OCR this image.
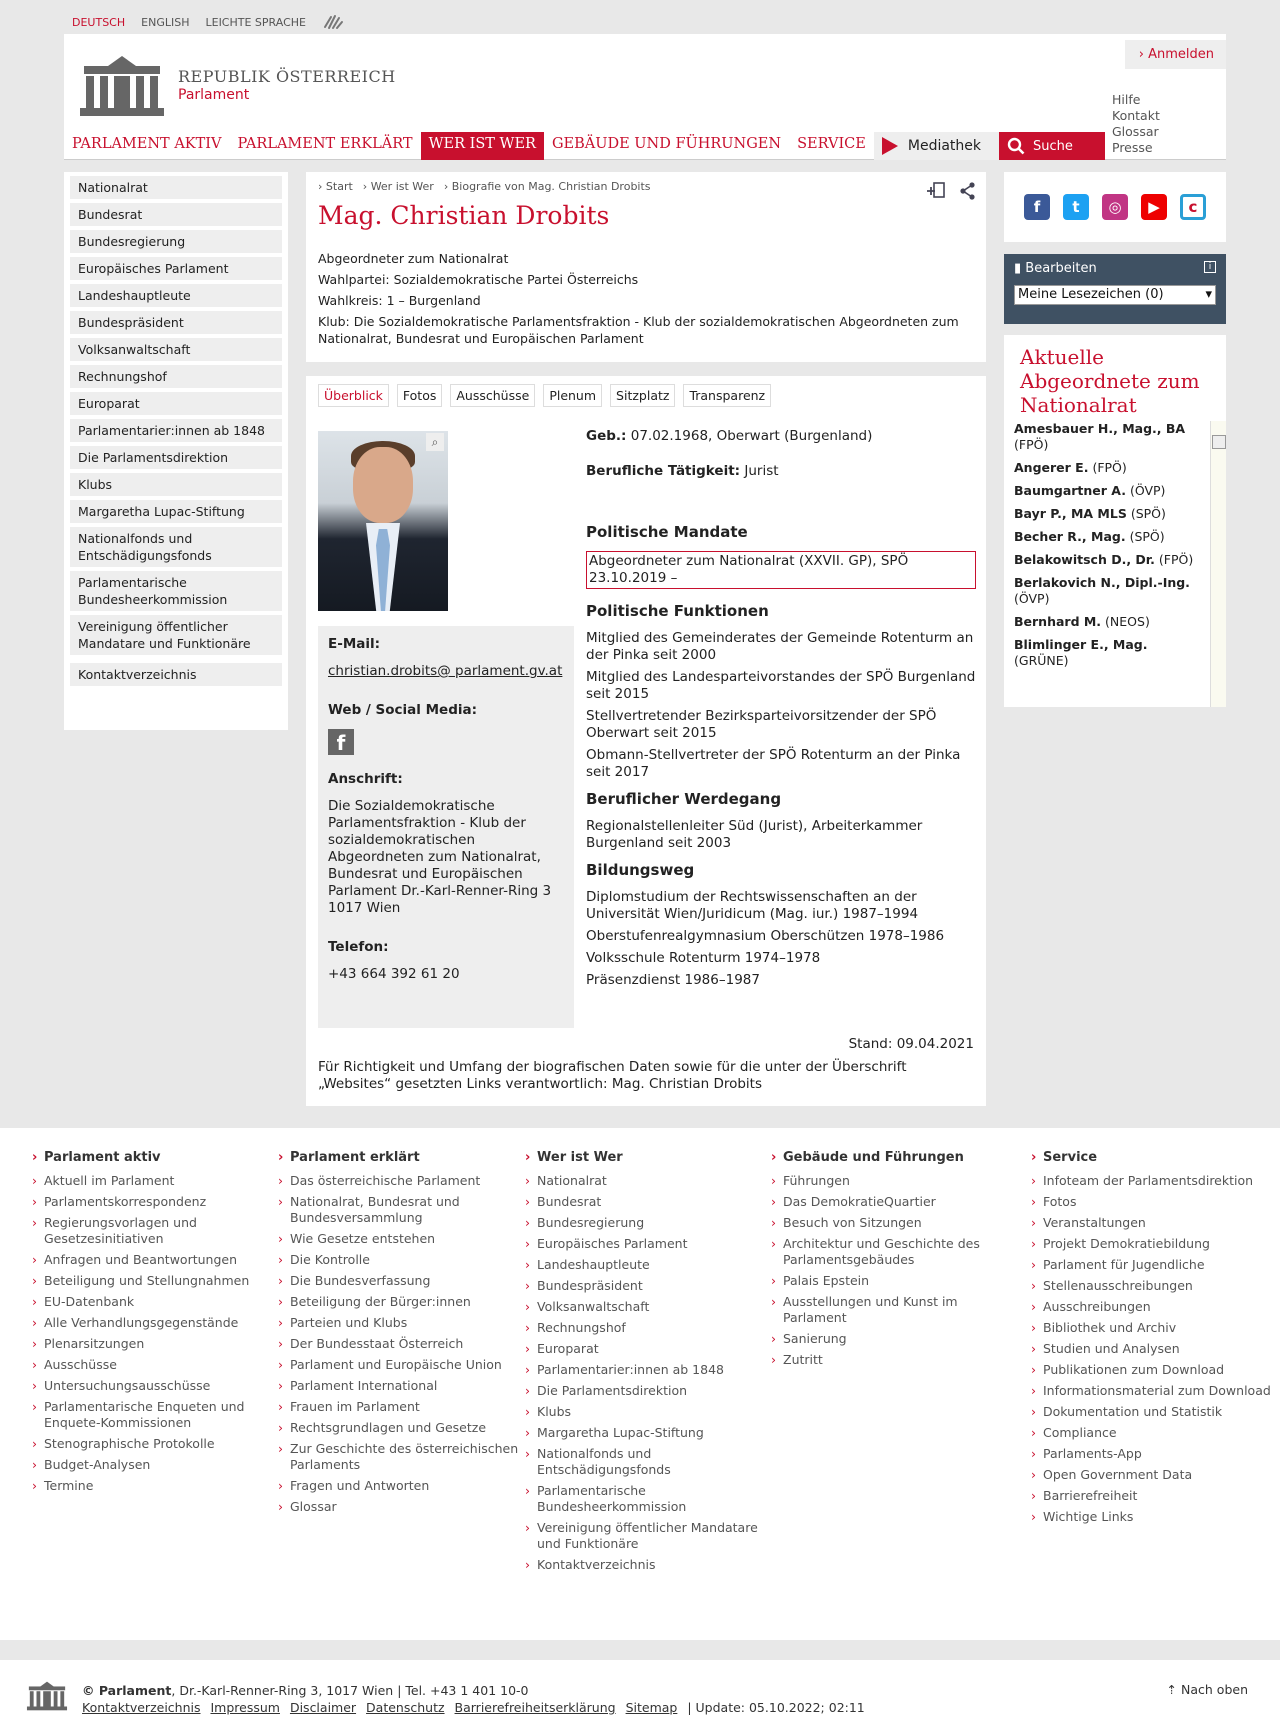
DEUTSCH ENGLISH LEICHTE SPRACHE
REPUBLIK ÖSTERREICH
Parlament
› Anmelden
Hilfe
Kontakt
Glossar
Presse
PARLAMENT AKTIV	PARLAMENT ERKLÄRT	WER IST WER	GEBÄUDE UND FÜHRUNGEN	SERVICE	Mediathek	Suche
Nationalrat
Bundesrat
Bundesregierung
Europäisches Parlament
Landeshauptleute
Bundespräsident
Volksanwaltschaft
Rechnungshof
Europarat
Parlamentarier:innen ab 1848
Die Parlamentsdirektion
Klubs
Margaretha Lupac-Stiftung
Nationalfonds und Entschädigungsfonds
Parlamentarische Bundesheerkommission
Vereinigung öffentlicher Mandatare und Funktionäre
Kontaktverzeichnis
› Start	› Wer ist Wer	› Biografie von Mag. Christian Drobits
Mag. Christian Drobits
Abgeordneter zum Nationalrat
Wahlpartei: Sozialdemokratische Partei Österreichs
Wahlkreis: 1 – Burgenland
Klub: Die Sozialdemokratische Parlamentsfraktion - Klub der sozialdemokratischen Abgeordneten zum Nationalrat, Bundesrat und Europäischen Parlament
Überblick	Fotos	Ausschüsse	Plenum	Sitzplatz	Transparenz
⌕
E-Mail:
christian.drobits@ parlament.gv.at
Web / Social Media:
f
Anschrift:
Die Sozialdemokratische Parlamentsfraktion - Klub der sozialdemokratischen Abgeordneten zum Nationalrat, Bundesrat und Europäischen Parlament Dr.-Karl-Renner-Ring 3 1017 Wien
Telefon:
+43 664 392 61 20
Geb.: 07.02.1968, Oberwart (Burgenland)
Berufliche Tätigkeit: Jurist
Politische Mandate
Abgeordneter zum Nationalrat (XXVII. GP), SPÖ 23.10.2019 –
Politische Funktionen
Mitglied des Gemeinderates der Gemeinde Rotenturm an der Pinka seit 2000
Mitglied des Landesparteivorstandes der SPÖ Burgenland seit 2015
Stellvertretender Bezirksparteivorsitzender der SPÖ Oberwart seit 2015
Obmann-Stellvertreter der SPÖ Rotenturm an der Pinka seit 2017
Beruflicher Werdegang
Regionalstellenleiter Süd (Jurist), Arbeiterkammer Burgenland seit 2003
Bildungsweg
Diplomstudium der Rechtswissenschaften an der Universität Wien/Juridicum (Mag. iur.) 1987–1994
Oberstufenrealgymnasium Oberschützen 1978–1986
Volksschule Rotenturm 1974–1978
Präsenzdienst 1986–1987
Stand: 09.04.2021
Für Richtigkeit und Umfang der biografischen Daten sowie für die unter der Überschrift „Websites“ gesetzten Links verantwortlich: Mag. Christian Drobits
f	t	◎	▶	c
▮ Bearbeiten	i
Meine Lesezeichen (0)	▾
Aktuelle Abgeordnete zum Nationalrat
Amesbauer H., Mag., BA (FPÖ)
Angerer E. (FPÖ)
Baumgartner A. (ÖVP)
Bayr P., MA MLS (SPÖ)
Becher R., Mag. (SPÖ)
Belakowitsch D., Dr. (FPÖ)
Berlakovich N., Dipl.-Ing. (ÖVP)
Bernhard M. (NEOS)
Blimlinger E., Mag. (GRÜNE)
› Parlament aktiv
› Aktuell im Parlament
› Parlamentskorrespondenz
› Regierungsvorlagen und Gesetzesinitiativen
› Anfragen und Beantwortungen
› Beteiligung und Stellungnahmen
› EU-Datenbank
› Alle Verhandlungsgegenstände
› Plenarsitzungen
› Ausschüsse
› Untersuchungsausschüsse
› Parlamentarische Enqueten und Enquete-Kommissionen
› Stenographische Protokolle
› Budget-Analysen
› Termine
› Parlament erklärt
› Das österreichische Parlament
› Nationalrat, Bundesrat und Bundesversammlung
› Wie Gesetze entstehen
› Die Kontrolle
› Die Bundesverfassung
› Beteiligung der Bürger:innen
› Parteien und Klubs
› Der Bundesstaat Österreich
› Parlament und Europäische Union
› Parlament International
› Frauen im Parlament
› Rechtsgrundlagen und Gesetze
› Zur Geschichte des österreichischen Parlaments
› Fragen und Antworten
› Glossar
› Wer ist Wer
› Nationalrat
› Bundesrat
› Bundesregierung
› Europäisches Parlament
› Landeshauptleute
› Bundespräsident
› Volksanwaltschaft
› Rechnungshof
› Europarat
› Parlamentarier:innen ab 1848
› Die Parlamentsdirektion
› Klubs
› Margaretha Lupac-Stiftung
› Nationalfonds und Entschädigungsfonds
› Parlamentarische Bundesheerkommission
› Vereinigung öffentlicher Mandatare und Funktionäre
› Kontaktverzeichnis
› Gebäude und Führungen
› Führungen
› Das DemokratieQuartier
› Besuch von Sitzungen
› Architektur und Geschichte des Parlamentsgebäudes
› Palais Epstein
› Ausstellungen und Kunst im Parlament
› Sanierung
› Zutritt
› Service
› Infoteam der Parlamentsdirektion
› Fotos
› Veranstaltungen
› Projekt Demokratiebildung
› Parlament für Jugendliche
› Stellenausschreibungen
› Ausschreibungen
› Bibliothek und Archiv
› Studien und Analysen
› Publikationen zum Download
› Informationsmaterial zum Download
› Dokumentation und Statistik
› Compliance
› Parlaments-App
› Open Government Data
› Barrierefreiheit
› Wichtige Links
© Parlament, Dr.-Karl-Renner-Ring 3, 1017 Wien | Tel. +43 1 401 10-0
Kontaktverzeichnis Impressum Disclaimer Datenschutz Barrierefreiheitserklärung Sitemap | Update: 05.10.2022; 02:11
⇡ Nach oben
